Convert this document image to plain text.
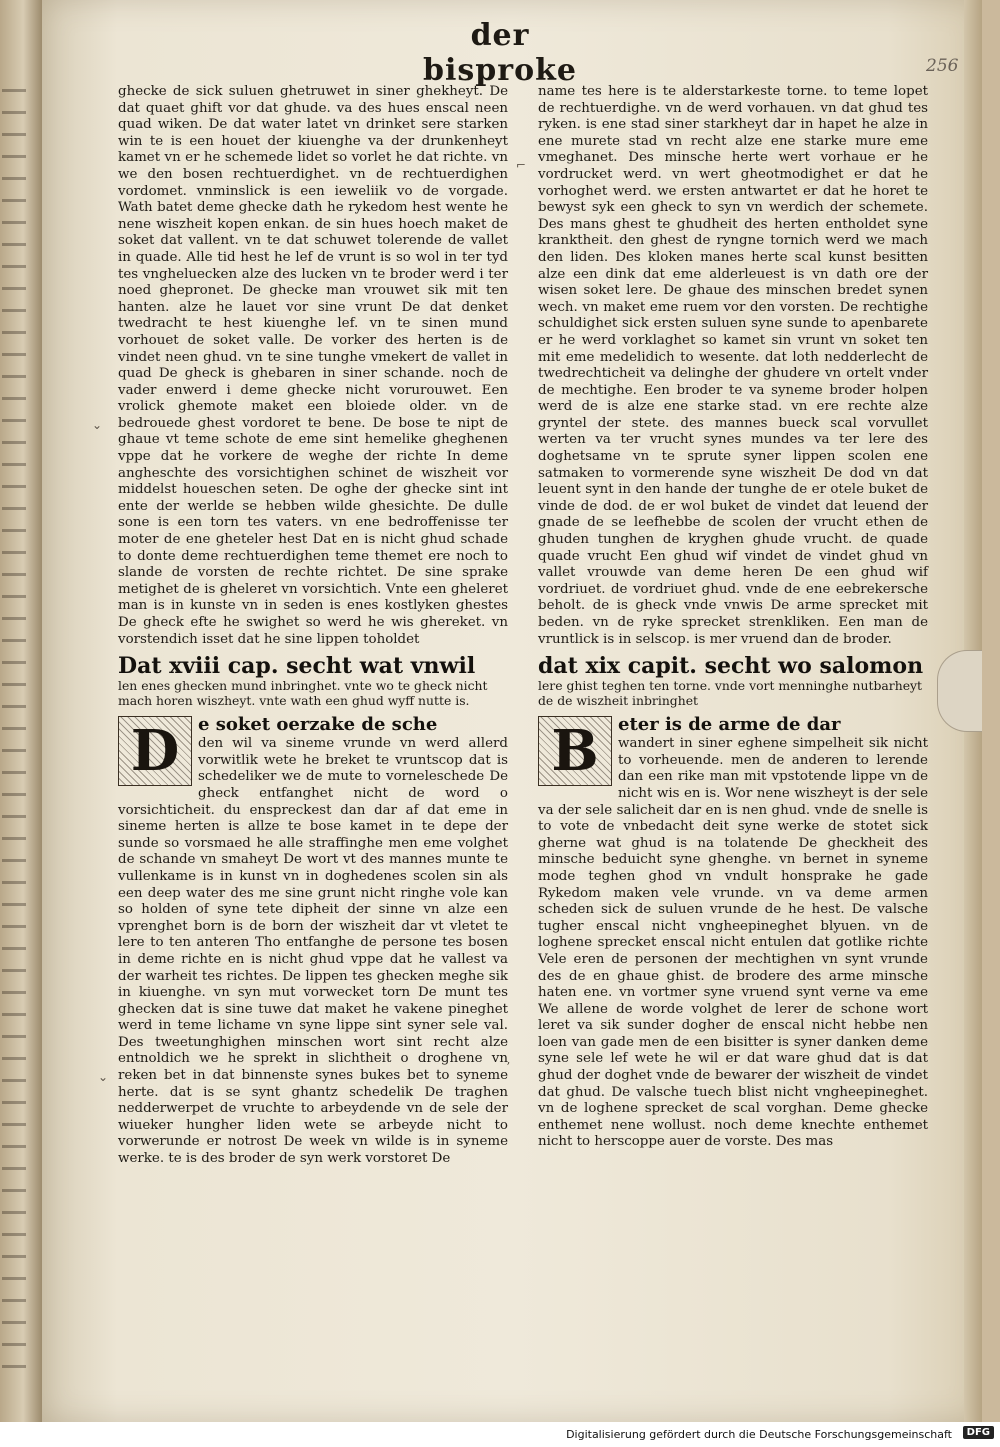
der bisproke	256
⌄
⌐
⌄
ʼ

ghecke de sick suluen ghetruwet in siner ghekheyt. De dat quaet ghift vor dat ghude. va des hues enscal neen quad wiken. De dat water latet vn drinket sere starken win te is een houet der kiuenghe va der drunkenheyt kamet vn er he schemede lidet so vorlet he dat richte. vn we den bosen rechtuerdighet. vn de rechtuerdighen vordomet. vnminslick is een ieweliik vo de vorgade. Wath batet deme ghecke dath he rykedom hest wente he nene wiszheit kopen enkan. de sin hues hoech maket de soket dat vallent. vn te dat schuwet tolerende de vallet in quade. Alle tid hest he lef de vrunt is so wol in ter tyd tes vngheluecken alze des lucken vn te broder werd i ter noed ghepronet. De ghecke man vrouwet sik mit ten hanten. alze he lauet vor sine vrunt De dat denket twedracht te hest kiuenghe lef. vn te sinen mund vorhouet de soket valle. De vorker des herten is de vindet neen ghud. vn te sine tunghe vmekert de vallet in quad De gheck is ghebaren in siner schande. noch de vader enwerd i deme ghecke nicht vorurouwet. Een vrolick ghemote maket een bloiede older. vn de bedrouede ghest vordoret te bene. De bose te nipt de ghaue vt teme schote de eme sint hemelike gheghenen vppe dat he vorkere de weghe der richte In deme angheschte des vorsichtighen schinet de wiszheit vor middelst houeschen seten. De oghe der ghecke sint int ente der werlde se hebben wilde ghesichte. De dulle sone is een torn tes vaters. vn ene bedroffenisse ter moter de ene gheteler hest Dat en is nicht ghud schade to donte deme rechtuerdighen teme themet ere noch to slande de vorsten de rechte richtet. De sine sprake metighet de is gheleret vn vorsichtich. Vnte een gheleret man is in kunste vn in seden is enes kostlyken ghestes De gheck efte he swighet so werd he wis ghereket. vn vorstendich isset dat he sine lippen toholdet

Dat xviii cap. secht wat vnwil

len enes ghecken mund inbringhet. vnte wo te gheck nicht mach horen wiszheyt. vnte wath een ghud wyff nutte is.

D	e soket oerzake de sche

den wil va sineme vrunde vn werd allerd vorwitlik wete he breket te vruntscop dat is schedeliker we de mute to vorneleschede De gheck entfanghet nicht de word o vorsichticheit. du enspreckest dan dar af dat eme in sineme herten is allze te bose kamet in te depe der sunde so vorsmaed he alle straffinghe men eme volghet de schande vn smaheyt De wort vt des mannes munte te vullenkame is in kunst vn in doghedenes scolen sin als een deep water des me sine grunt nicht ringhe vole kan so holden of syne tete dipheit der sinne vn alze een vprenghet born is de born der wiszheit dar vt vletet te lere to ten anteren Tho entfanghe de persone tes bosen in deme richte en is nicht ghud vppe dat he vallest va der warheit tes richtes. De lippen tes ghecken meghe sik in kiuenghe. vn syn mut vorwecket torn De munt tes ghecken dat is sine tuwe dat maket he vakene pineghet werd in teme lichame vn syne lippe sint syner sele val. Des tweetunghighen minschen wort sint recht alze entnoldich we he sprekt in slichtheit o droghene vn reken bet in dat binnenste synes bukes bet to syneme herte. dat is se synt ghantz schedelik De traghen nedderwerpet de vruchte to arbeydende vn de sele der wiueker hungher liden wete se arbeyde nicht to vorwerunde er notrost De week vn wilde is in syneme werke. te is des broder de syn werk vorstoret De

name tes here is te alderstarkeste torne. to teme lopet de rechtuerdighe. vn de werd vorhauen. vn dat ghud tes ryken. is ene stad siner starkheyt dar in hapet he alze in ene murete stad vn recht alze ene starke mure eme vmeghanet. Des minsche herte wert vorhaue er he vordrucket werd. vn wert gheotmodighet er dat he vorhoghet werd. we ersten antwartet er dat he horet te bewyst syk een gheck to syn vn werdich der schemete. Des mans ghest te ghudheit des herten entholdet syne kranktheit. den ghest de ryngne tornich werd we mach den liden. Des kloken manes herte scal kunst besitten alze een dink dat eme alderleuest is vn dath ore der wisen soket lere. De ghaue des minschen bredet synen wech. vn maket eme ruem vor den vorsten. De rechtighe schuldighet sick ersten suluen syne sunde to apenbarete er he werd vorklaghet so kamet sin vrunt vn soket ten mit eme medelidich to wesente. dat loth nedderlecht de twedrechticheit va delinghe der ghudere vn ortelt vnder de mechtighe. Een broder te va syneme broder holpen werd de is alze ene starke stad. vn ere rechte alze gryntel der stete. des mannes bueck scal vorvullet werten va ter vrucht synes mundes va ter lere des doghetsame vn te sprute syner lippen scolen ene satmaken to vormerende syne wiszheit De dod vn dat leuent synt in den hande der tunghe de er otele buket de vinde de dod. de er wol buket de vindet dat leuend der gnade de se leefhebbe de scolen der vrucht ethen de ghuden tunghen de kryghen ghude vrucht. de quade quade vrucht Een ghud wif vindet de vindet ghud vn vallet vrouwde van deme heren De een ghud wif vordriuet. de vordriuet ghud. vnde de ene eebrekersche beholt. de is gheck vnde vnwis De arme sprecket mit beden. vn de ryke sprecket strenkliken. Een man de vruntlick is in selscop. is mer vruend dan de broder.

dat xix capit. secht wo salomon

lere ghist teghen ten torne. vnde vort menninghe nutbarheyt de de wiszheit inbringhet

B	eter is de arme de dar

wandert in siner eghene simpelheit sik nicht to vorheuende. men de anderen to lerende dan een rike man mit vpstotende lippe vn de nicht wis en is. Wor nene wiszheyt is der sele va der sele salicheit dar en is nen ghud. vnde de snelle is to vote de vnbedacht deit syne werke de stotet sick gherne wat ghud is na tolatende De gheckheit des minsche beduicht syne ghenghe. vn bernet in syneme mode teghen ghod vn vndult honsprake he gade Rykedom maken vele vrunde. vn va deme armen scheden sick de suluen vrunde de he hest. De valsche tugher enscal nicht vngheepineghet blyuen. vn de loghene sprecket enscal nicht entulen dat gotlike richte Vele eren de personen der mechtighen vn synt vrunde des de en ghaue ghist. de brodere des arme minsche haten ene. vn vortmer syne vruend synt verne va eme We allene de worde volghet de lerer de schone wort leret va sik sunder dogher de enscal nicht hebbe nen loen van gade men de een bisitter is syner danken deme syne sele lef wete he wil er dat ware ghud dat is dat ghud der doghet vnde de bewarer der wiszheit de vindet dat ghud. De valsche tuech blist nicht vngheepineghet. vn de loghene sprecket de scal vorghan. Deme ghecke enthemet nene wollust. noch deme knechte enthemet nicht to herscoppe auer de vorste. Des mas

Digitalisierung gefördert durch die Deutsche Forschungsgemeinschaft	DFG
